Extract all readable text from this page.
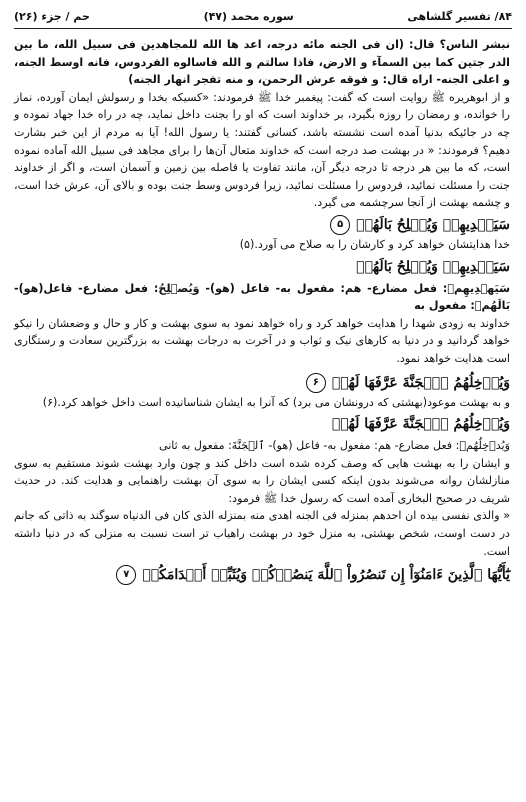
۸۴/ تفسیر گلشاهی
سوره محمد (۴۷)
حم / جزء (۲۶)

نبشر الناس؟ قال: (ان فی الجنه مائه درجه، اعد ها الله للمجاهدین فی سبیل الله، ما بین الدر جتین کما بین السمآء و الارض، فاذا سالتم و الله فاسالوه الفردوس، فانه اوسط الجنه، و اعلی الجنه- اراه قال: و فوقه عرش الرحمن، و منه تفجر انهار الجنه)

و از ابوهریره ﷺ روایت است که گفت: پیغمبر خدا ﷺ فرمودند: «کسیکه بخدا و رسولش ایمان آورده، نماز را خوانده، و رمضان را روزه بگیرد، بر خداوند است که او را بجنت داخل نماید، چه در راه خدا جهاد نموده و چه در جائیکه بدنیا آمده است نشسته باشد، کسانی گفتند: یا رسول الله! آیا به مردم از این خبر بشارت دهیم؟ فرمودند: « در بهشت صد درجه است که خداوند متعال آن‌ها را برای مجاهد فی سبیل الله آماده نموده است، که ما بین هر درجه تا درجه دیگر آن، مانند تفاوت یا فاصله بین زمین و آسمان است، و اگر از خداوند جنت را مسئلت نمائید، فردوس را مسئلت نمائید، زیرا فردوس وسط جنت بوده و بالای آن، عرش خدا است، و چشمه بهشت از آنجا سرچشمه می گیرد.

سَيَهۡدِيهِمۡ وَيُصۡلِحُ بَالَهُمۡ
۵

خدا هدایتشان خواهد کرد و کارشان را به صلاح می آورد.(۵)

سَيَهۡدِيهِمۡ وَيُصۡلِحُ بَالَهُمۡ

سَيَهۡدِيهِمۡ: فعل مضارع- هم: مفعول به- فاعل (هو)- وَيُصۡلِحُ: فعل مضارع- فاعل(هو)- بَالَهُمۡ: مفعول به

خداوند به زودی شهدا را هدایت خواهد کرد و راه خواهد نمود به سوی بهشت و کار و حال و وضعشان را نیکو خواهد گردانید و در دنیا به کارهای نیک و ثواب و در آخرت به درجات بهشت به بزرگترین سعادت و رستگاری است هدایت خواهد نمود.

وَيُدۡخِلُهُمُ ٱلۡجَنَّةَ عَرَّفَهَا لَهُمۡ
۶

و به بهشت موعود(بهشتی که درونشان می برد) که آنرا به ایشان شناسانیده است داخل خواهد کرد.(۶)

وَيُدۡخِلُهُمُ ٱلۡجَنَّةَ عَرَّفَهَا لَهُمۡ

وَيُدۡخِلُهُمۡ: فعل مضارع- هم: مفعول به- فاعل (هو)- ٱلۡجَنَّةَ: مفعول به ثانی

و ایشان را به بهشت هایی که وصف کرده شده است داخل کند و چون وارد بهشت شوند مستقیم به سوی منازلشان روانه می‌شوند بدون اینکه کسی ایشان را به سوی آن بهشت راهنمایی و هدایت کند. در حدیث شریف در صحیح البخاری آمده است که رسول خدا ﷺ فرمود:

« والذی نفسی بیده ان احدهم بمنزله فی الجنه اهدی منه بمنزله الذی کان فی الدنیاه سوگند به ذاتی که جانم در دست اوست، شخص بهشتی، به منزل خود در بهشت راهیاب تر است نسبت به منزلی که در دنیا داشته است.

يَٰٓأَيُّهَا ٱلَّذِينَ ءَامَنُوٓاْ إِن تَنصُرُواْ ٱللَّهَ يَنصُرۡكُمۡ وَيُثَبِّتۡ أَقۡدَامَكُمۡ
۷
